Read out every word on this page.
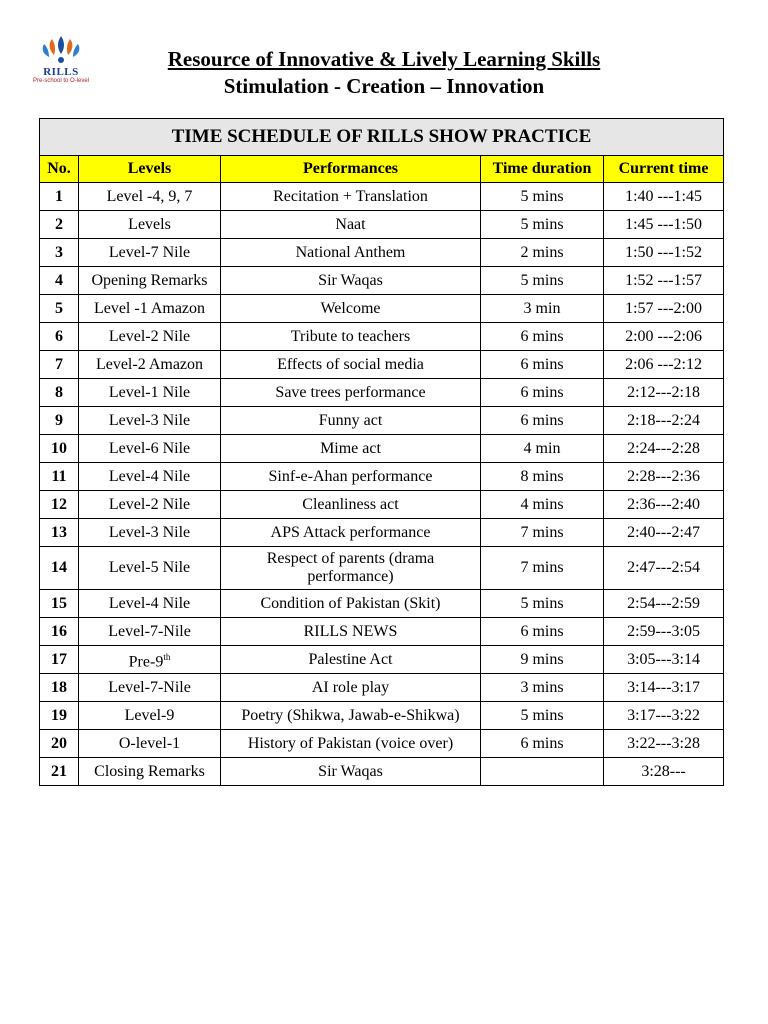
RILLS
Pre-school to O-level
Resource of Innovative & Lively Learning Skills
Stimulation - Creation – Innovation
TIME SCHEDULE OF RILLS SHOW PRACTICE				
No.	Levels	Performances	Time duration	Current time
1	Level -4, 9, 7	Recitation + Translation	5 mins	1:40 ---1:45
2	Levels	Naat	5 mins	1:45 ---1:50
3	Level-7 Nile	National Anthem	2 mins	1:50 ---1:52
4	Opening Remarks	Sir Waqas	5 mins	1:52 ---1:57
5	Level -1 Amazon	Welcome	3 min	1:57 ---2:00
6	Level-2 Nile	Tribute to teachers	6 mins	2:00 ---2:06
7	Level-2 Amazon	Effects of social media	6 mins	2:06 ---2:12
8	Level-1 Nile	Save trees performance	6 mins	2:12---2:18
9	Level-3 Nile	Funny act	6 mins	2:18---2:24
10	Level-6 Nile	Mime act	4 min	2:24---2:28
11	Level-4 Nile	Sinf-e-Ahan performance	8 mins	2:28---2:36
12	Level-2 Nile	Cleanliness act	4 mins	2:36---2:40
13	Level-3 Nile	APS Attack performance	7 mins	2:40---2:47
14	Level-5 Nile	Respect of parents (drama performance)	7 mins	2:47---2:54
15	Level-4 Nile	Condition of Pakistan (Skit)	5 mins	2:54---2:59
16	Level-7-Nile	RILLS NEWS	6 mins	2:59---3:05
17	Pre-9th	Palestine Act	9 mins	3:05---3:14
18	Level-7-Nile	AI role play	3 mins	3:14---3:17
19	Level-9	Poetry (Shikwa, Jawab-e-Shikwa)	5 mins	3:17---3:22
20	O-level-1	History of Pakistan (voice over)	6 mins	3:22---3:28
21	Closing Remarks	Sir Waqas		3:28---
